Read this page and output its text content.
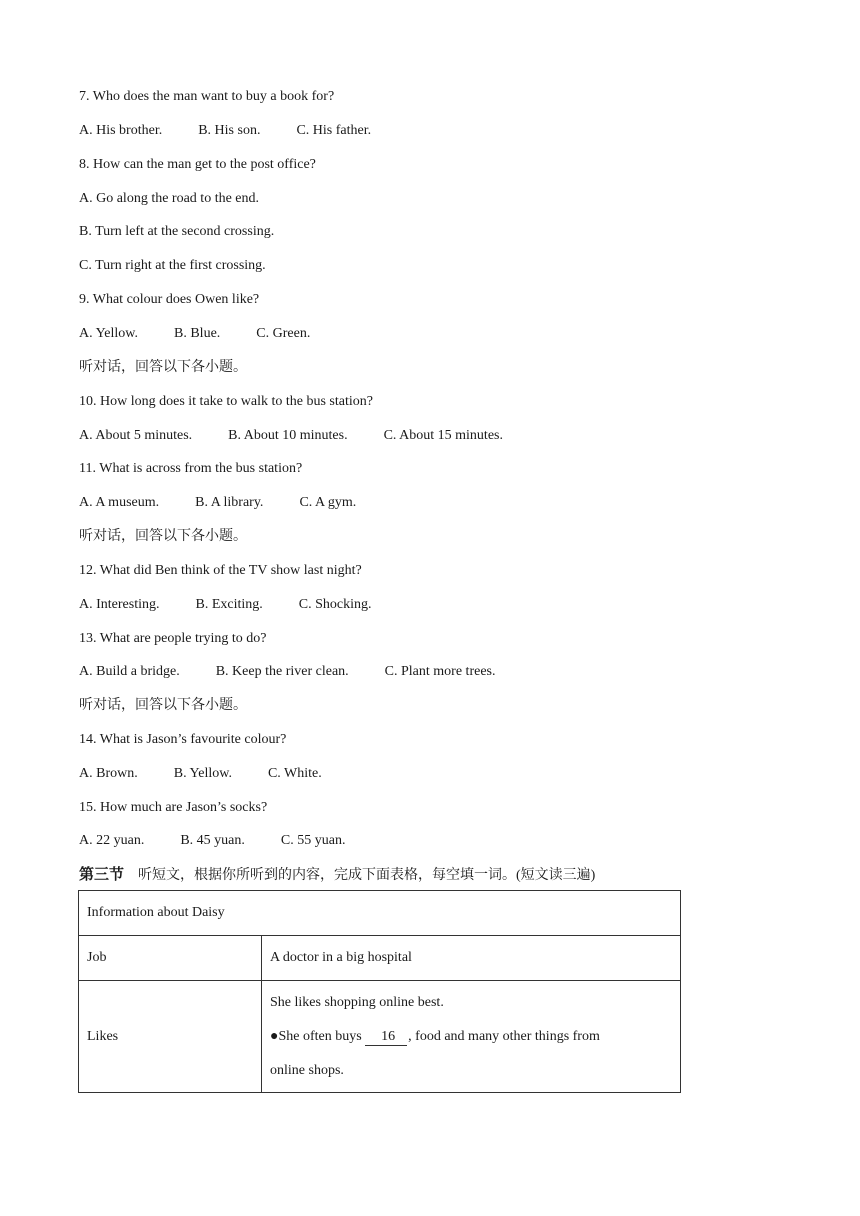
7. Who does the man want to buy a book for?
A. His brother.	B. His son.	C. His father.
8. How can the man get to the post office?
A. Go along the road to the end.
B. Turn left at the second crossing.
C. Turn right at the first crossing.
9. What colour does Owen like?
A. Yellow.	B. Blue.	C. Green.
听对话，回答以下各小题。
10. How long does it take to walk to the bus station?
A. About 5 minutes.	B. About 10 minutes.	C. About 15 minutes.
11. What is across from the bus station?
A. A museum.	B. A library.	C. A gym.
听对话，回答以下各小题。
12. What did Ben think of the TV show last night?
A. Interesting.	B. Exciting.	C. Shocking.
13. What are people trying to do?
A. Build a bridge.	B. Keep the river clean.	C. Plant more trees.
听对话，回答以下各小题。
14. What is Jason’s favourite colour?
A. Brown.	B. Yellow.	C. White.
15. How much are Jason’s socks?
A. 22 yuan.	B. 45 yuan.	C. 55 yuan.
第三节 听短文，根据你所听到的内容，完成下面表格，每空填一词。(短文读三遍)
Information about Daisy	
Job	A doctor in a big hospital
Likes	She likes shopping online best.
●She often buys 16 , food and many other things from
online shops.
